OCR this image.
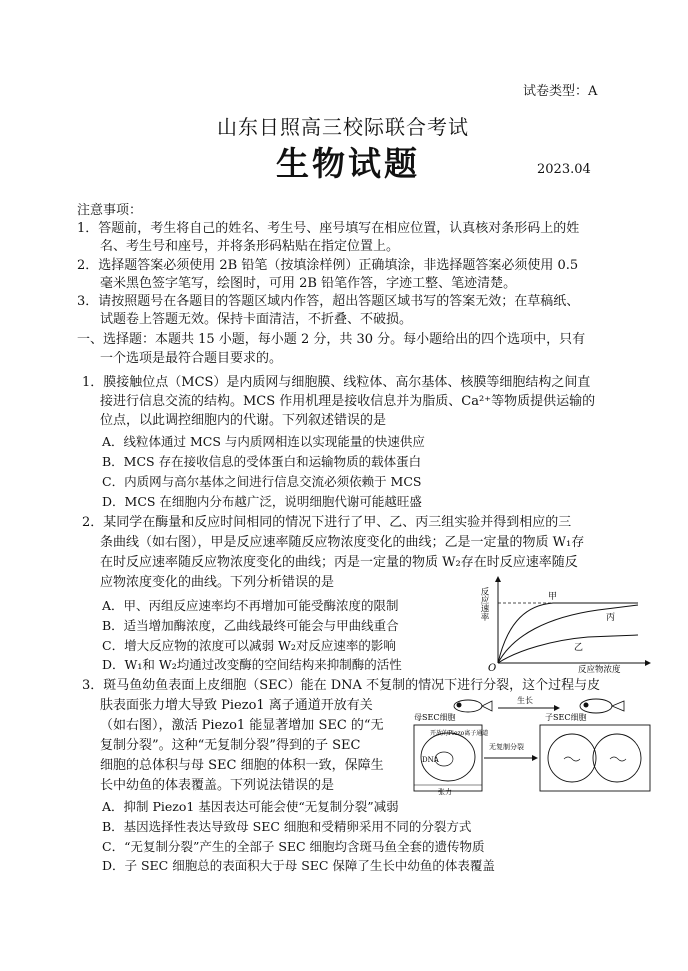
试卷类型：A
山东日照高三校际联合考试
生物试题	2023.04
注意事项：
1．答题前，考生将自己的姓名、考生号、座号填写在相应位置，认真核对条形码上的姓
名、考生号和座号，并将条形码粘贴在指定位置上。
2．选择题答案必须使用 2B 铅笔（按填涂样例）正确填涂，非选择题答案必须使用 0.5
毫米黑色签字笔写，绘图时，可用 2B 铅笔作答，字迹工整、笔迹清楚。
3．请按照题号在各题目的答题区域内作答，超出答题区域书写的答案无效；在草稿纸、
试题卷上答题无效。保持卡面清洁，不折叠、不破损。
一、选择题：本题共 15 小题，每小题 2 分，共 30 分。每小题给出的四个选项中，只有
一个选项是最符合题目要求的。
1．膜接触位点（MCS）是内质网与细胞膜、线粒体、高尔基体、核膜等细胞结构之间直
接进行信息交流的结构。MCS 作用机理是接收信息并为脂质、Ca²⁺等物质提供运输的
位点，以此调控细胞内的代谢。下列叙述错误的是
A．线粒体通过 MCS 与内质网相连以实现能量的快速供应
B．MCS 存在接收信息的受体蛋白和运输物质的载体蛋白
C．内质网与高尔基体之间进行信息交流必须依赖于 MCS
D．MCS 在细胞内分布越广泛，说明细胞代谢可能越旺盛
2．某同学在酶量和反应时间相同的情况下进行了甲、乙、丙三组实验并得到相应的三
条曲线（如右图），甲是反应速率随反应物浓度变化的曲线；乙是一定量的物质 W₁存
在时反应速率随反应物浓度变化的曲线；丙是一定量的物质 W₂存在时反应速率随反
应物浓度变化的曲线。下列分析错误的是
A．甲、丙组反应速率均不再增加可能受酶浓度的限制
B．适当增加酶浓度，乙曲线最终可能会与甲曲线重合
C．增大反应物的浓度可以减弱 W₂对反应速率的影响
D．W₁和 W₂均通过改变酶的空间结构来抑制酶的活性
反应速率
O	反应物浓度
甲
丙
乙
3．斑马鱼幼鱼表面上皮细胞（SEC）能在 DNA 不复制的情况下进行分裂，这个过程与皮
肤表面张力增大导致 Piezo1 离子通道开放有关
（如右图），激活 Piezo1 能显著增加 SEC 的“无
复制分裂”。这种“无复制分裂”得到的子 SEC
细胞的总体积与母 SEC 细胞的体积一致，保障生
长中幼鱼的体表覆盖。下列说法错误的是
A．抑制 Piezo1 基因表达可能会使“无复制分裂”减弱
B．基因选择性表达导致母 SEC 细胞和受精卵采用不同的分裂方式
C．“无复制分裂”产生的全部子 SEC 细胞均含斑马鱼全套的遗传物质
D．子 SEC 细胞总的表面积大于母 SEC 保障了生长中幼鱼的体表覆盖
母SEC细胞
生长
子SEC细胞
DNA
开放的Piezo离子通道
张力
无复制分裂
